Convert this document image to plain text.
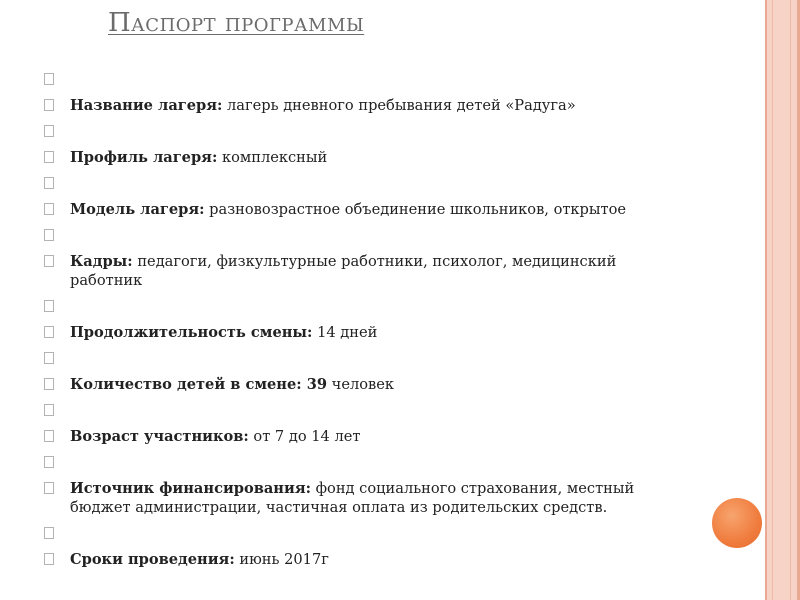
Паспорт программы
Название лагеря: лагерь дневного пребывания детей «Радуга»
Профиль лагеря: комплексный
Модель лагеря: разновозрастное объединение школьников, открытое
Кадры: педагоги, физкультурные работники, психолог, медицинский работник
Продолжительность смены: 14 дней
Количество детей в смене: 39 человек
Возраст участников: от 7 до 14 лет
Источник финансирования: фонд социального страхования, местный бюджет администрации, частичная оплата из родительских средств.
Сроки проведения: июнь 2017г
